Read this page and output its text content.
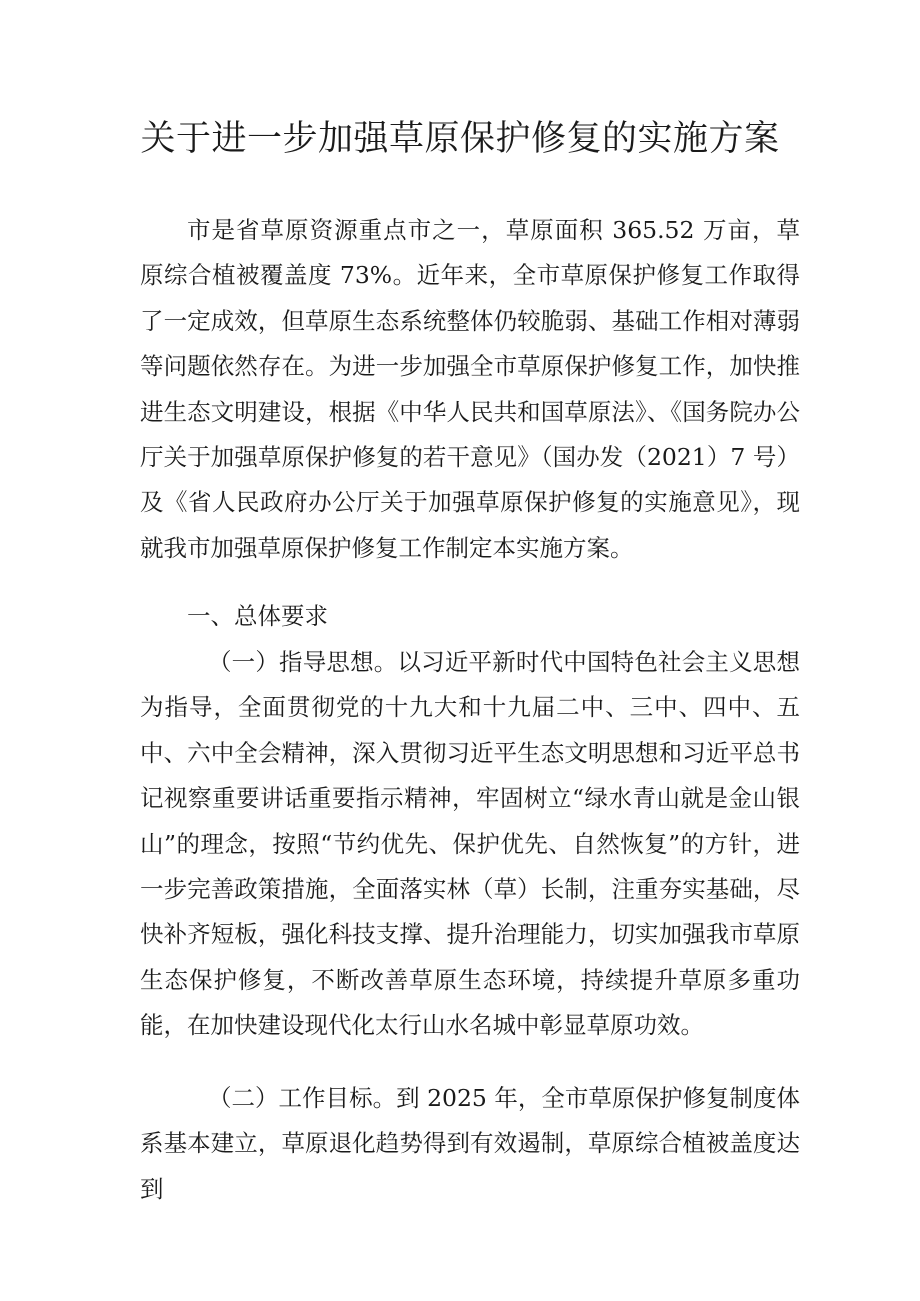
关于进一步加强草原保护修复的实施方案

市是省草原资源重点市之一，草原面积 365.52 万亩，草原综合植被覆盖度 73%。近年来，全市草原保护修复工作取得了一定成效，但草原生态系统整体仍较脆弱、基础工作相对薄弱等问题依然存在。为进一步加强全市草原保护修复工作，加快推进生态文明建设，根据《中华人民共和国草原法》、《国务院办公厅关于加强草原保护修复的若干意见》（国办发（2021）7 号）及《省人民政府办公厅关于加强草原保护修复的实施意见》，现就我市加强草原保护修复工作制定本实施方案。

一、总体要求

（一）指导思想。以习近平新时代中国特色社会主义思想为指导，全面贯彻党的十九大和十九届二中、三中、四中、五中、六中全会精神，深入贯彻习近平生态文明思想和习近平总书记视察重要讲话重要指示精神，牢固树立“绿水青山就是金山银山”的理念，按照“节约优先、保护优先、自然恢复”的方针，进一步完善政策措施，全面落实林（草）长制，注重夯实基础，尽快补齐短板，强化科技支撑、提升治理能力，切实加强我市草原生态保护修复，不断改善草原生态环境，持续提升草原多重功能，在加快建设现代化太行山水名城中彰显草原功效。

（二）工作目标。到 2025 年，全市草原保护修复制度体系基本建立，草原退化趋势得到有效遏制，草原综合植被盖度达到
